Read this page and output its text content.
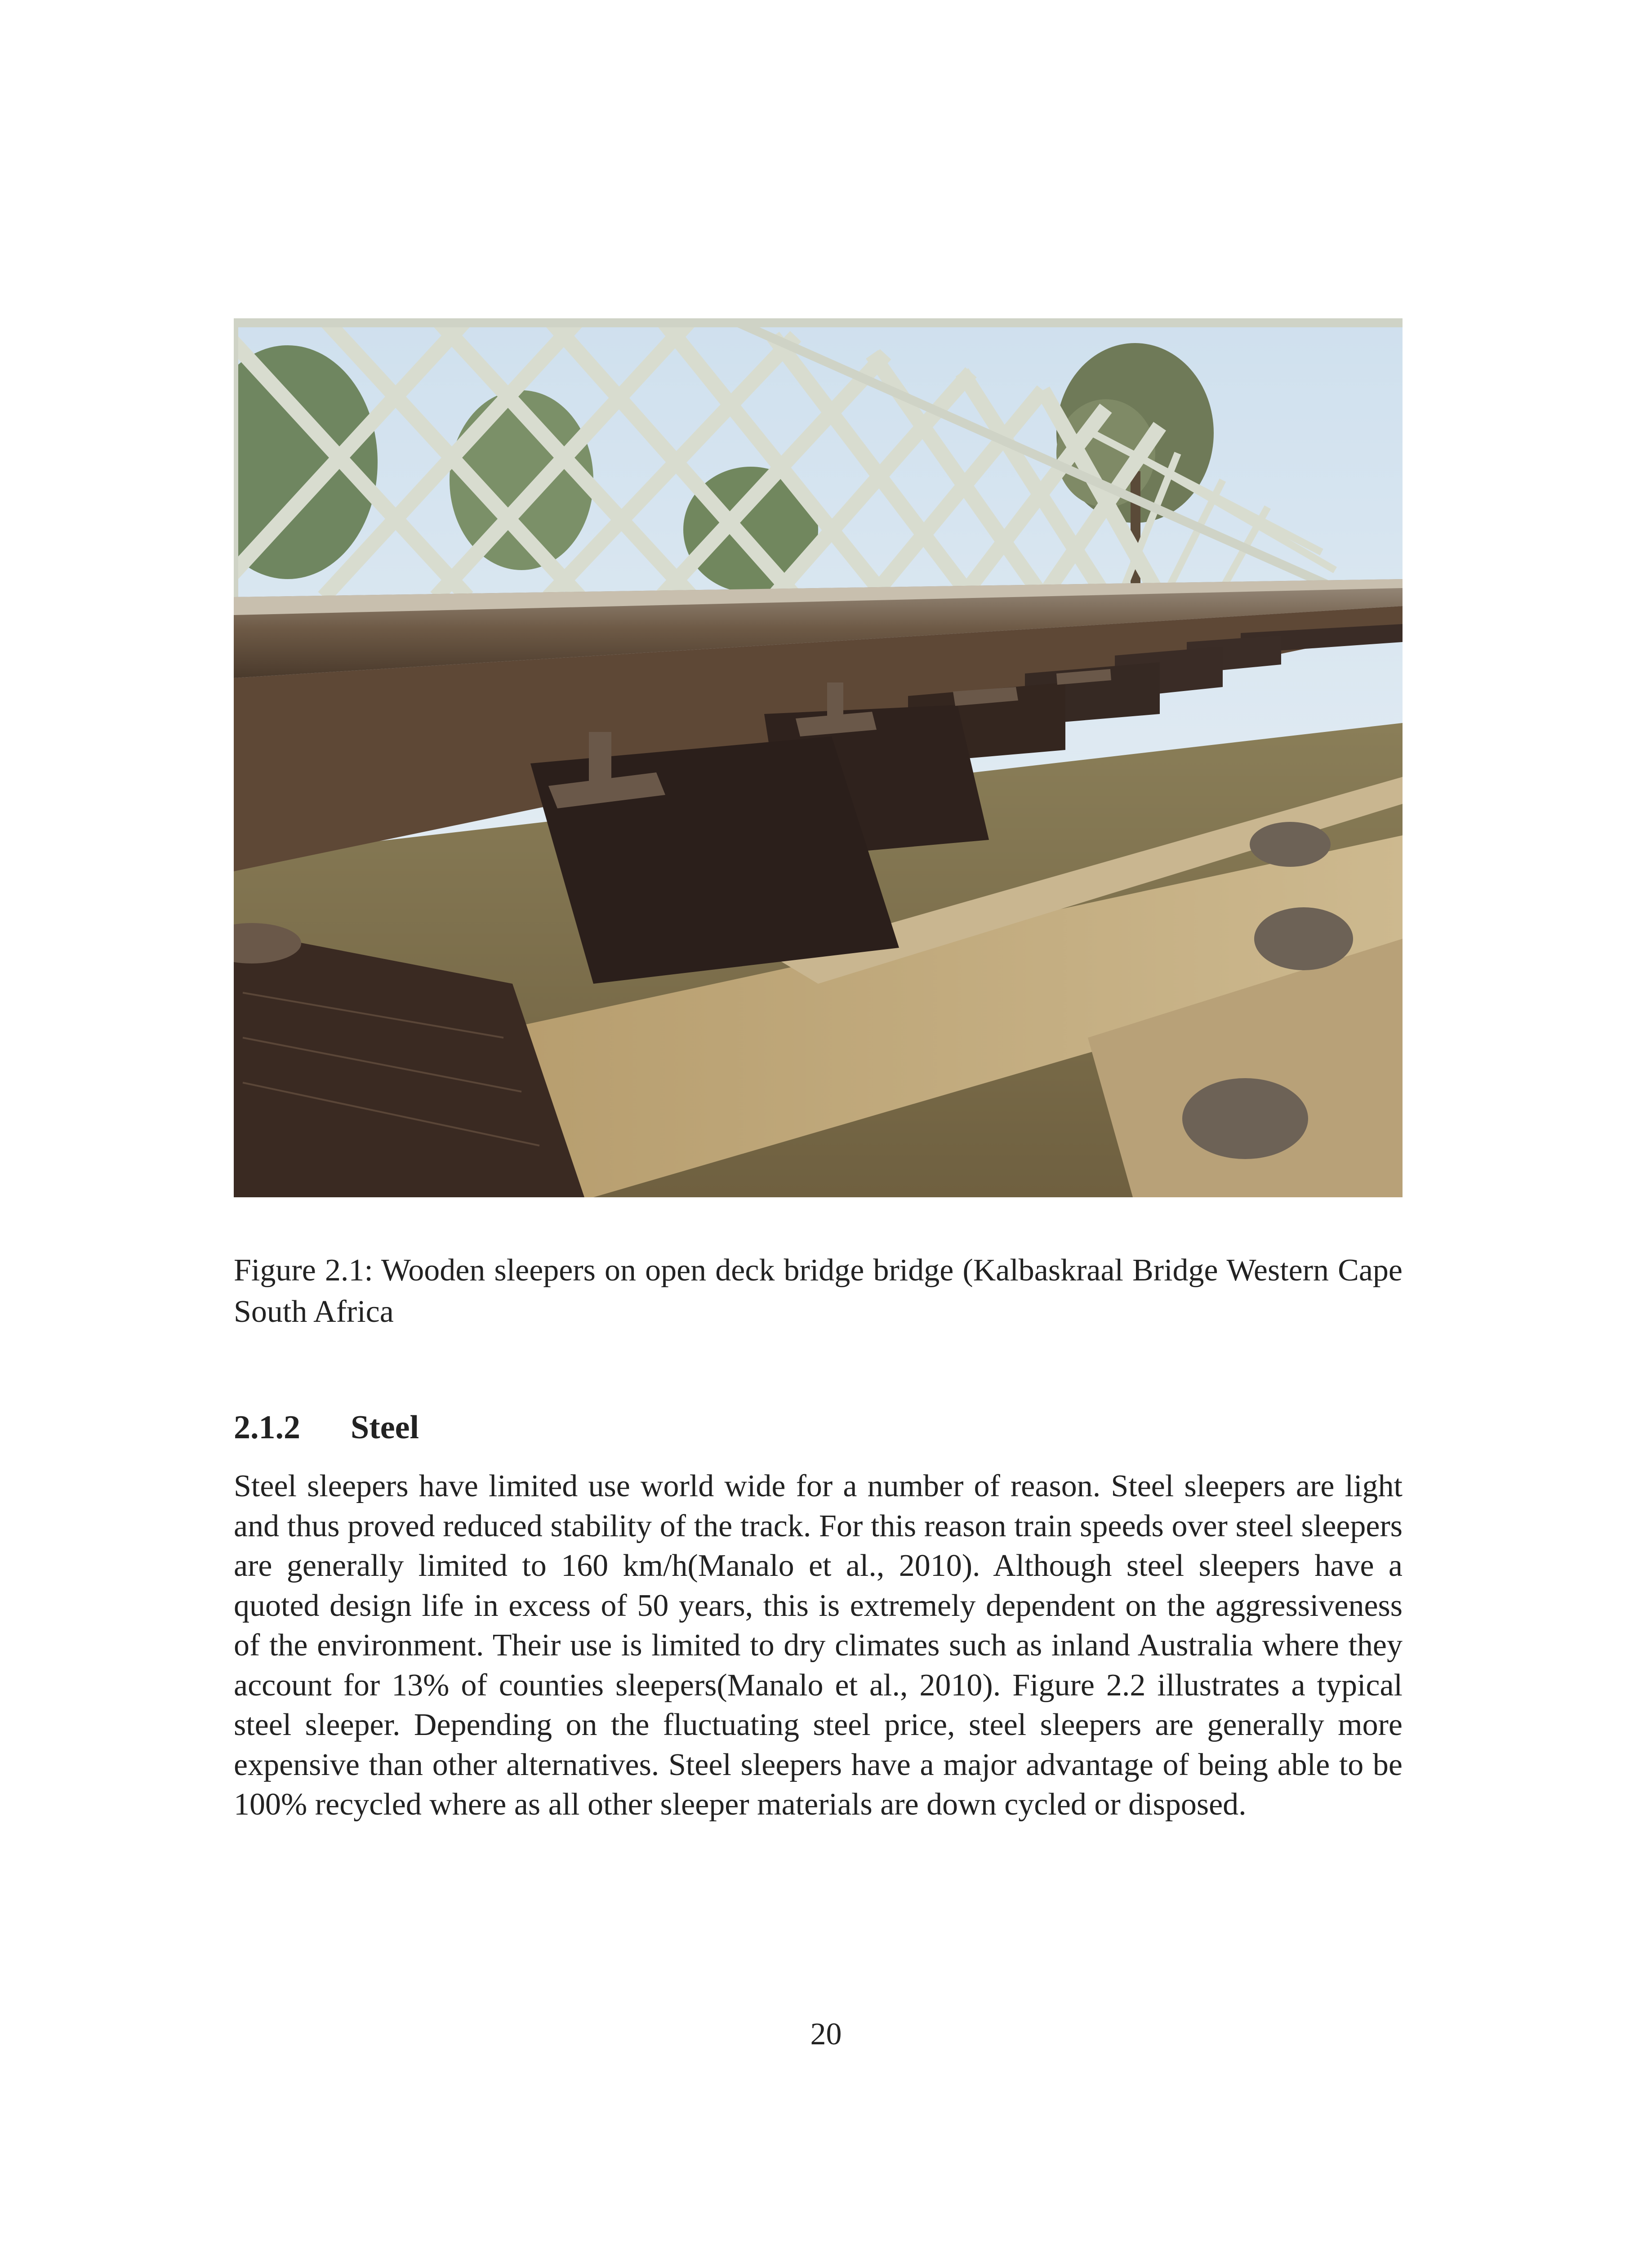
Figure 2.1: Wooden sleepers on open deck bridge bridge (Kalbaskraal Bridge Western Cape South Africa

2.1.2 Steel

Steel sleepers have limited use world wide for a number of reason. Steel sleepers are light and thus proved reduced stability of the track. For this reason train speeds over steel sleepers are generally limited to 160 km/h(Manalo et al., 2010). Although steel sleepers have a quoted design life in excess of 50 years, this is extremely dependent on the aggressiveness of the environment. Their use is limited to dry climates such as inland Australia where they account for 13% of counties sleepers(Manalo et al., 2010). Figure 2.2 illustrates a typical steel sleeper. Depending on the fluctuating steel price, steel sleepers are generally more expensive than other alternatives. Steel sleepers have a major advantage of being able to be 100% recycled where as all other sleeper materials are down cycled or disposed.

20
